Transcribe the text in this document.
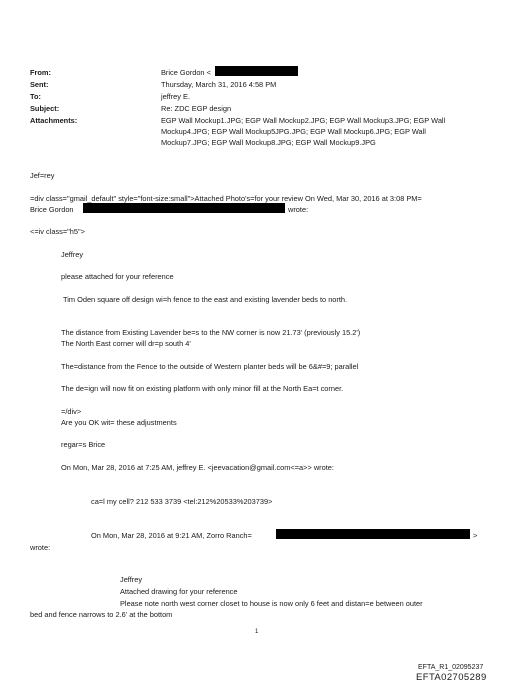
From:
Sent:
To:
Subject:
Attachments:
Brice Gordon <
Thursday, March 31, 2016 4:58 PM
jeffrey E.
Re: ZDC EGP design
EGP Wall Mockup1.JPG; EGP Wall Mockup2.JPG; EGP Wall Mockup3.JPG; EGP Wall
Mockup4.JPG; EGP Wall Mockup5JPG.JPG; EGP Wall Mockup6.JPG; EGP Wall
Mockup7.JPG; EGP Wall Mockup8.JPG; EGP Wall Mockup9.JPG
Jef=rey
=div class="gmail_default" style="font-size:small">Attached Photo's=for your review On Wed, Mar 30, 2016 at 3:08 PM=
Brice Gordon	wrote:
<=iv class="h5">
Jeffrey
please attached for your reference
Tim Oden square off design wi=h fence to the east and existing lavender beds to north.
The distance from Existing Lavender be=s to the NW corner is now 21.73' (previously 15.2')
The North East corner will dr=p south 4'
The=distance from the Fence to the outside of Western planter beds will be 6&#=9; parallel
The de=ign will now fit on existing platform with only minor fill at the North Ea=t corner.
=/div>
Are you OK wit= these adjustments
regar=s Brice
On Mon, Mar 28, 2016 at 7:25 AM, jeffrey E. <jeevacation@gmail.com<=a>> wrote:
ca=l my cell? 212 533 3739 <tel:212%20533%203739>
On Mon, Mar 28, 2016 at 9:21 AM, Zorro Ranch=	>
wrote:
Jeffrey
Attached drawing for your reference
Please note north west corner closet to house is now only 6 feet and distan=e between outer
bed and fence narrows to 2.6' at the bottom
1
EFTA_R1_02095237
EFTA02705289
